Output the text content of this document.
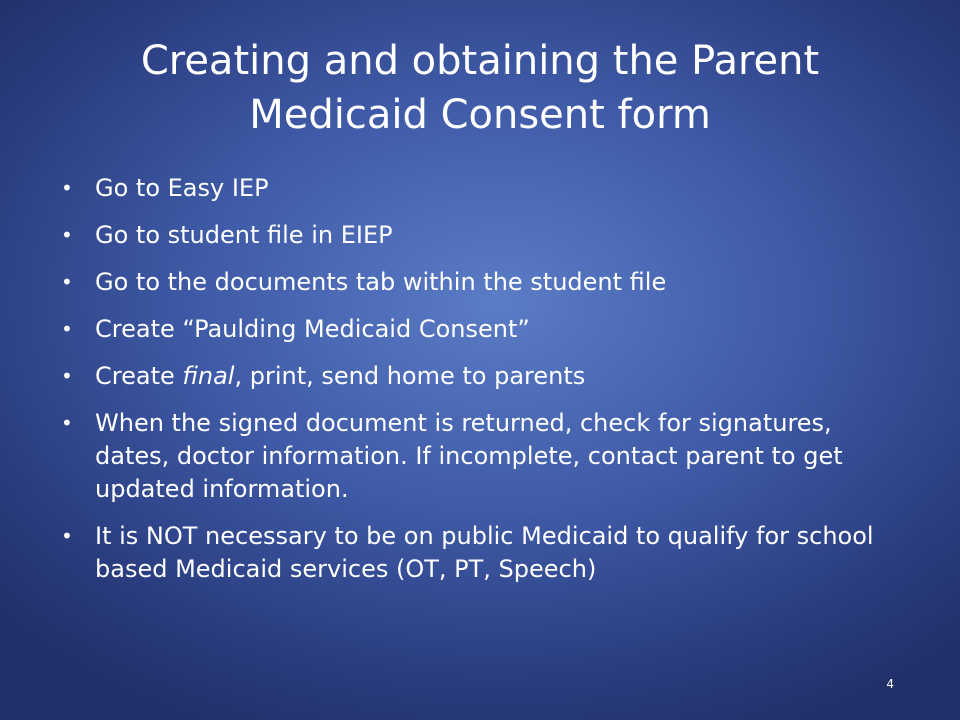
Creating and obtaining the Parent
Medicaid Consent form
• Go to Easy IEP
• Go to student file in EIEP
• Go to the documents tab within the student file
• Create “Paulding Medicaid Consent”
• Create final, print, send home to parents
• When the signed document is returned, check for signatures, dates, doctor information. If incomplete, contact parent to get updated information.
• It is NOT necessary to be on public Medicaid to qualify for school based Medicaid services (OT, PT, Speech)
4
